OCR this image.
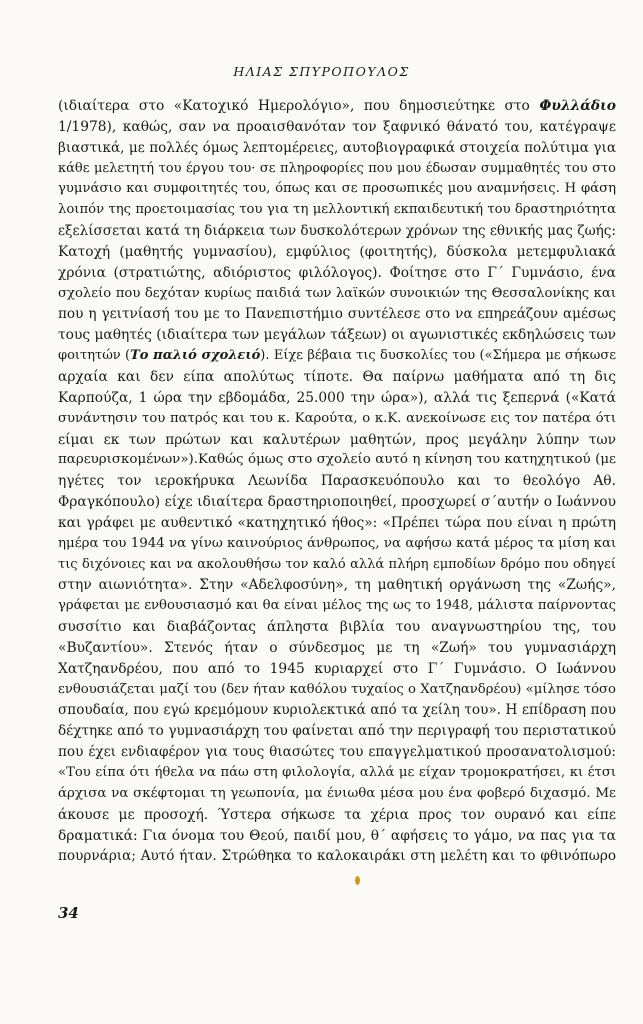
ΗΛΙΑΣ ΣΠΥΡΟΠΟΥΛΟΣ
(ιδιαίτερα στο «Κατοχικό Ημερολόγιο», που δημοσιεύτηκε στο Φυλλάδιο
1/1978), καθώς, σαν να προαισθανόταν τον ξαφνικό θάνατό του, κατέγραψε
βιαστικά, με πολλές όμως λεπτομέρειες, αυτοβιογραφικά στοιχεία πολύτιμα για
κάθε μελετητή του έργου του· σε πληροφορίες που μου έδωσαν συμμαθητές του στο
γυμνάσιο και συμφοιτητές του, όπως και σε προσωπικές μου αναμνήσεις. Η φάση
λοιπόν της προετοιμασίας του για τη μελλοντική εκπαιδευτική του δραστηριότητα
εξελίσσεται κατά τη διάρκεια των δυσκολότερων χρόνων της εθνικής μας ζωής:
Κατοχή (μαθητής γυμνασίου), εμφύλιος (φοιτητής), δύσκολα μετεμφυλιακά
χρόνια (στρατιώτης, αδιόριστος φιλόλογος). Φοίτησε στο Γ΄ Γυμνάσιο, ένα
σχολείο που δεχόταν κυρίως παιδιά των λαϊκών συνοικιών της Θεσσαλονίκης και
που η γειτνίασή του με το Πανεπιστήμιο συντέλεσε στο να επηρεάζουν αμέσως
τους μαθητές (ιδιαίτερα των μεγάλων τάξεων) οι αγωνιστικές εκδηλώσεις των
φοιτητών (Το παλιό σχολειό). Είχε βέβαια τις δυσκολίες του («Σήμερα με σήκωσε
αρχαία και δεν είπα απολύτως τίποτε. Θα παίρνω μαθήματα από τη δις
Καρπούζα, 1 ώρα την εβδομάδα, 25.000 την ώρα»), αλλά τις ξεπερνά («Κατά
συνάντησιν του πατρός και του κ. Καρούτα, ο κ.Κ. ανεκοίνωσε εις τον πατέρα ότι
είμαι εκ των πρώτων και καλυτέρων μαθητών, προς μεγάλην λύπην των
παρευρισκομένων»).Καθώς όμως στο σχολείο αυτό η κίνηση του κατηχητικού (με
ηγέτες τον ιεροκήρυκα Λεωνίδα Παρασκευόπουλο και το θεολόγο Αθ.
Φραγκόπουλο) είχε ιδιαίτερα δραστηριοποιηθεί, προσχωρεί σ΄αυτήν ο Ιωάννου
και γράφει με αυθεντικό «κατηχητικό ήθος»: «Πρέπει τώρα που είναι η πρώτη
ημέρα του 1944 να γίνω καινούριος άνθρωπος, να αφήσω κατά μέρος τα μίση και
τις διχόνοιες και να ακολουθήσω τον καλό αλλά πλήρη εμποδίων δρόμο που οδηγεί
στην αιωνιότητα». Στην «Αδελφοσύνη», τη μαθητική οργάνωση της «Ζωής»,
γράφεται με ενθουσιασμό και θα είναι μέλος της ως το 1948, μάλιστα παίρνοντας
συσσίτιο και διαβάζοντας άπληστα βιβλία του αναγνωστηρίου της, του
«Βυζαντίου». Στενός ήταν ο σύνδεσμος με τη «Ζωή» του γυμνασιάρχη
Χατζηανδρέου, που από το 1945 κυριαρχεί στο Γ΄ Γυμνάσιο. Ο Ιωάννου
ενθουσιάζεται μαζί του (δεν ήταν καθόλου τυχαίος ο Χατζηανδρέου) «μίλησε τόσο
σπουδαία, που εγώ κρεμόμουν κυριολεκτικά από τα χείλη του». Η επίδραση που
δέχτηκε από το γυμνασιάρχη του φαίνεται από την περιγραφή του περιστατικού
που έχει ενδιαφέρον για τους θιασώτες του επαγγελματικού προσανατολισμού:
«Του είπα ότι ήθελα να πάω στη φιλολογία, αλλά με είχαν τρομοκρατήσει, κι έτσι
άρχισα να σκέφτομαι τη γεωπονία, μα ένιωθα μέσα μου ένα φοβερό διχασμό. Με
άκουσε με προσοχή. Ύστερα σήκωσε τα χέρια προς τον ουρανό και είπε
δραματικά: Για όνομα του Θεού, παιδί μου, θ΄ αφήσεις το γάμο, να πας για τα
πουρνάρια; Αυτό ήταν. Στρώθηκα το καλοκαιράκι στη μελέτη και το φθινόπωρο
34
